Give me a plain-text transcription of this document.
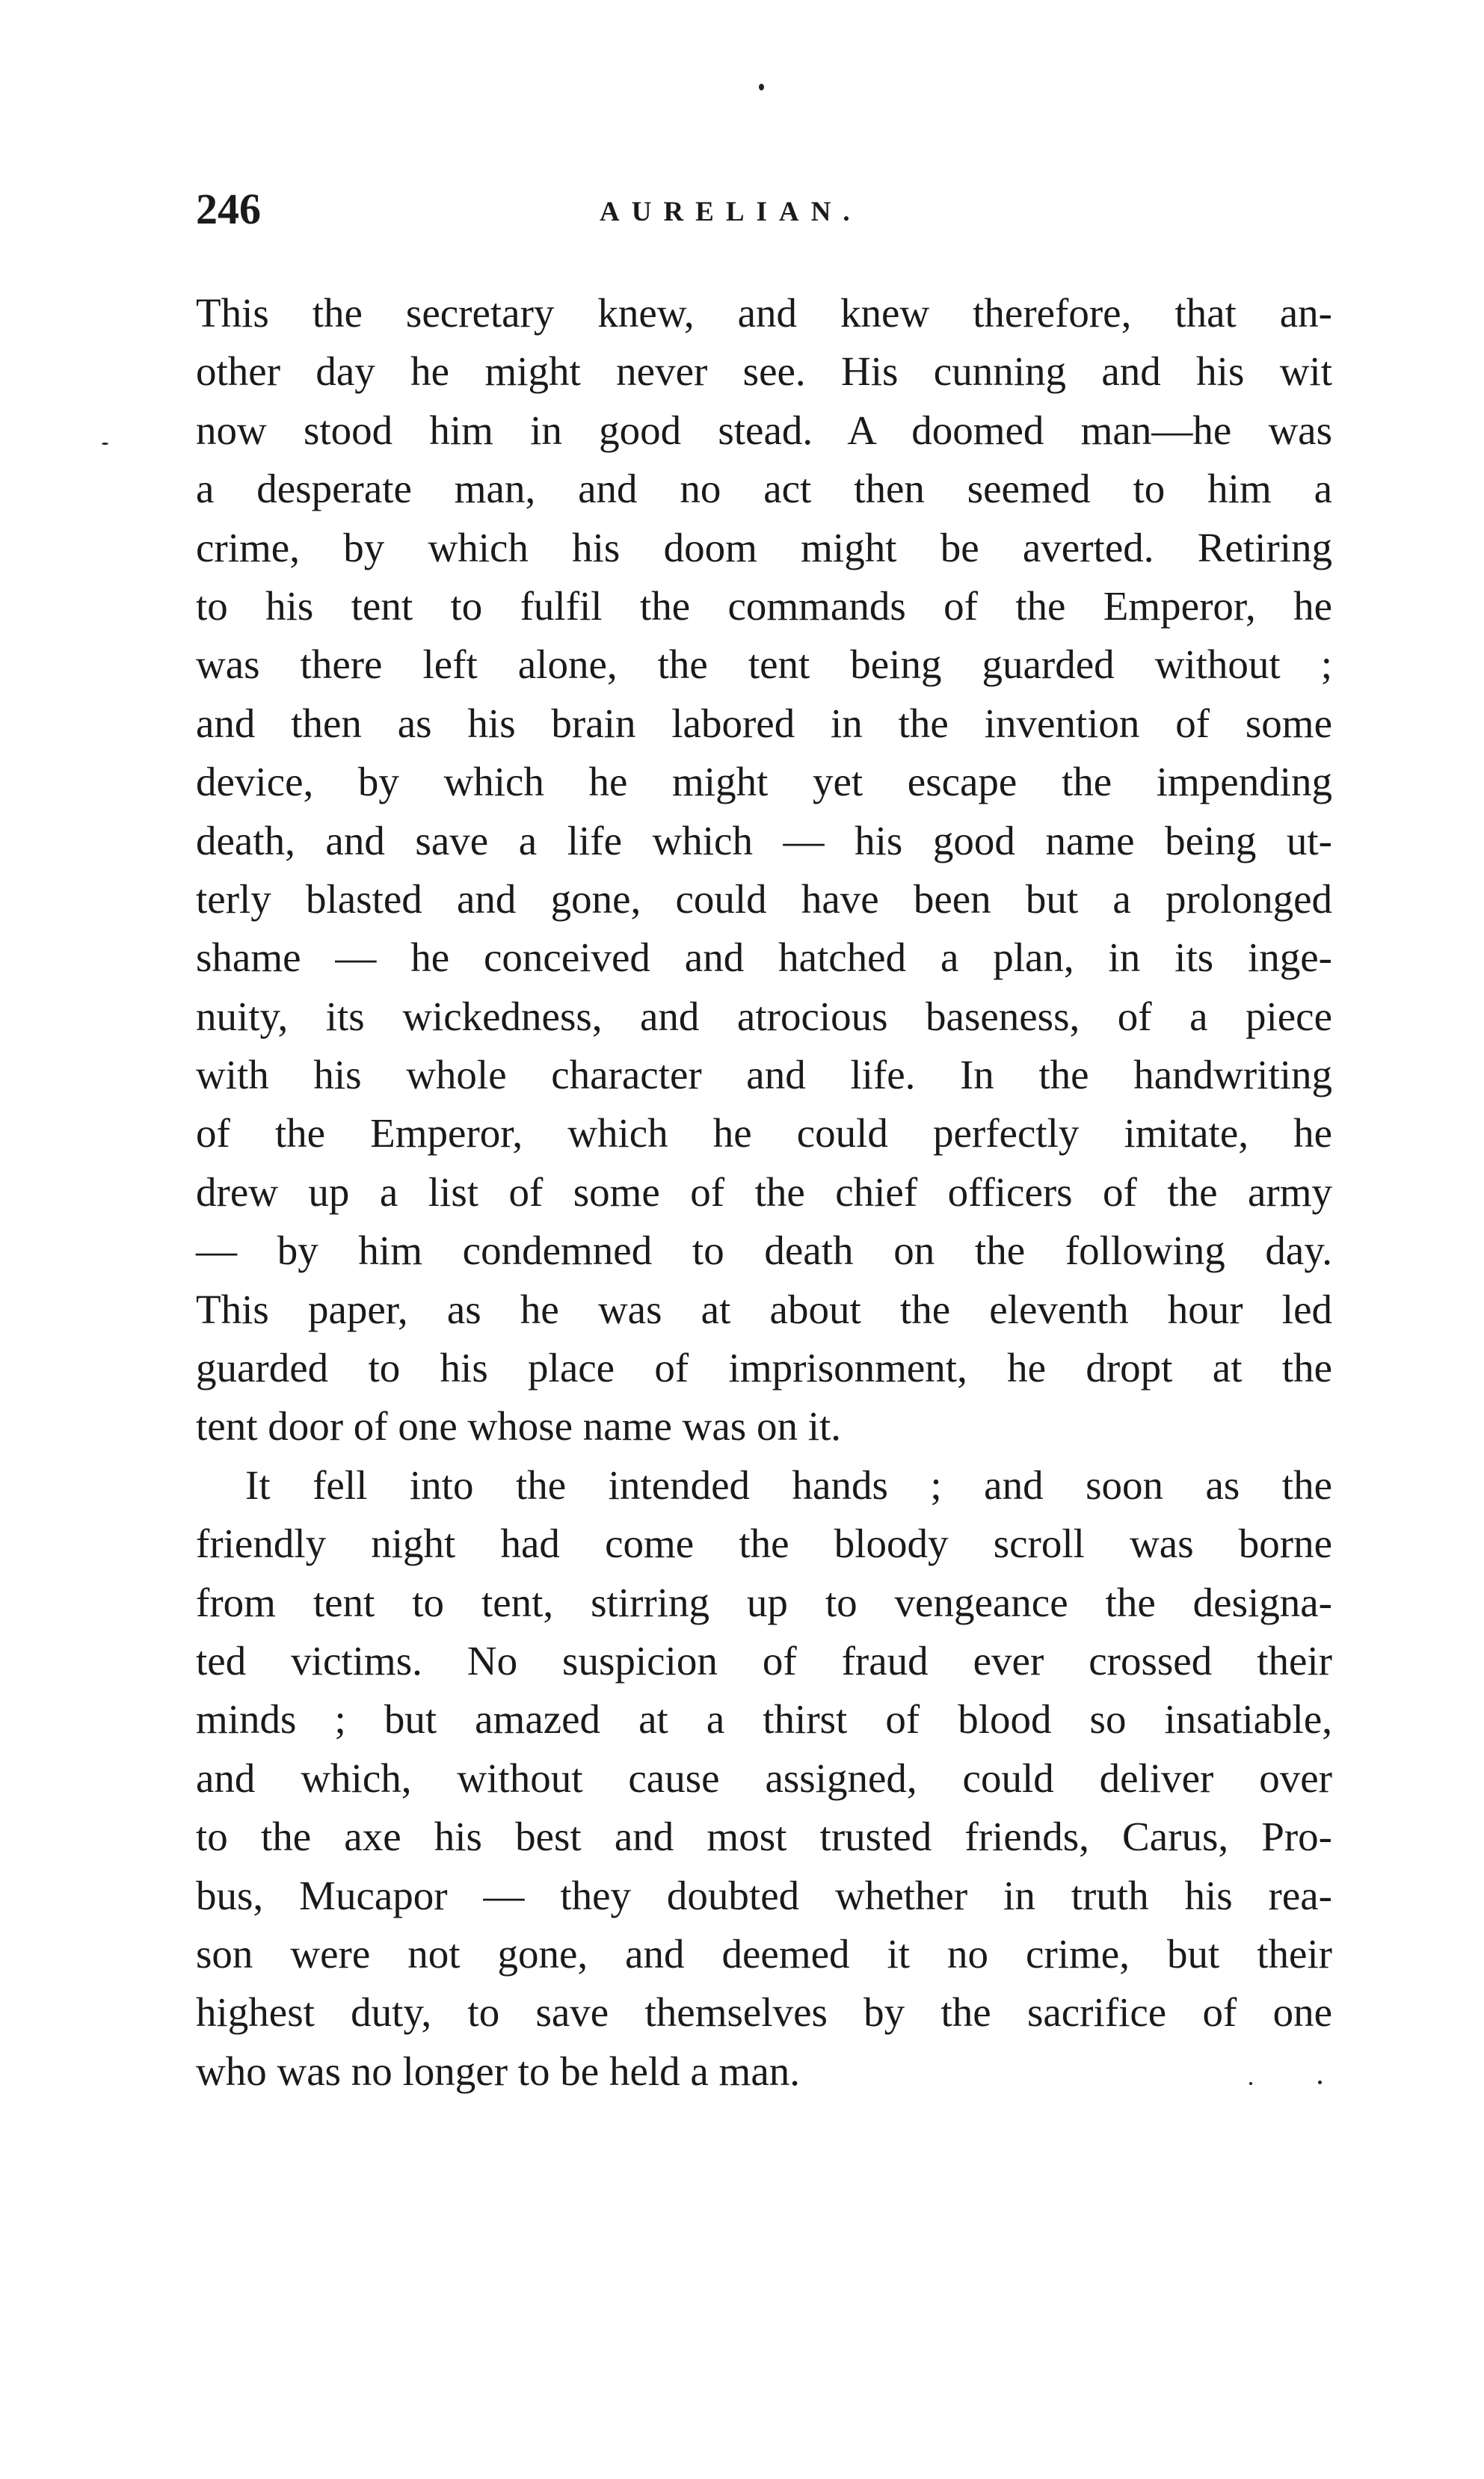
246	AURELIAN.
This the secretary knew, and knew therefore, that an-
other day he might never see. His cunning and his wit
now stood him in good stead. A doomed man—he was
a desperate man, and no act then seemed to him a
crime, by which his doom might be averted. Retiring
to his tent to fulfil the commands of the Emperor, he
was there left alone, the tent being guarded without ;
and then as his brain labored in the invention of some
device, by which he might yet escape the impending
death, and save a life which — his good name being ut-
terly blasted and gone, could have been but a prolonged
shame — he conceived and hatched a plan, in its inge-
nuity, its wickedness, and atrocious baseness, of a piece
with his whole character and life. In the handwriting
of the Emperor, which he could perfectly imitate, he
drew up a list of some of the chief officers of the army
— by him condemned to death on the following day.
This paper, as he was at about the eleventh hour led
guarded to his place of imprisonment, he dropt at the
tent door of one whose name was on it.
It fell into the intended hands ; and soon as the
friendly night had come the bloody scroll was borne
from tent to tent, stirring up to vengeance the designa-
ted victims. No suspicion of fraud ever crossed their
minds ; but amazed at a thirst of blood so insatiable,
and which, without cause assigned, could deliver over
to the axe his best and most trusted friends, Carus, Pro-
bus, Mucapor — they doubted whether in truth his rea-
son were not gone, and deemed it no crime, but their
highest duty, to save themselves by the sacrifice of one
who was no longer to be held a man.
